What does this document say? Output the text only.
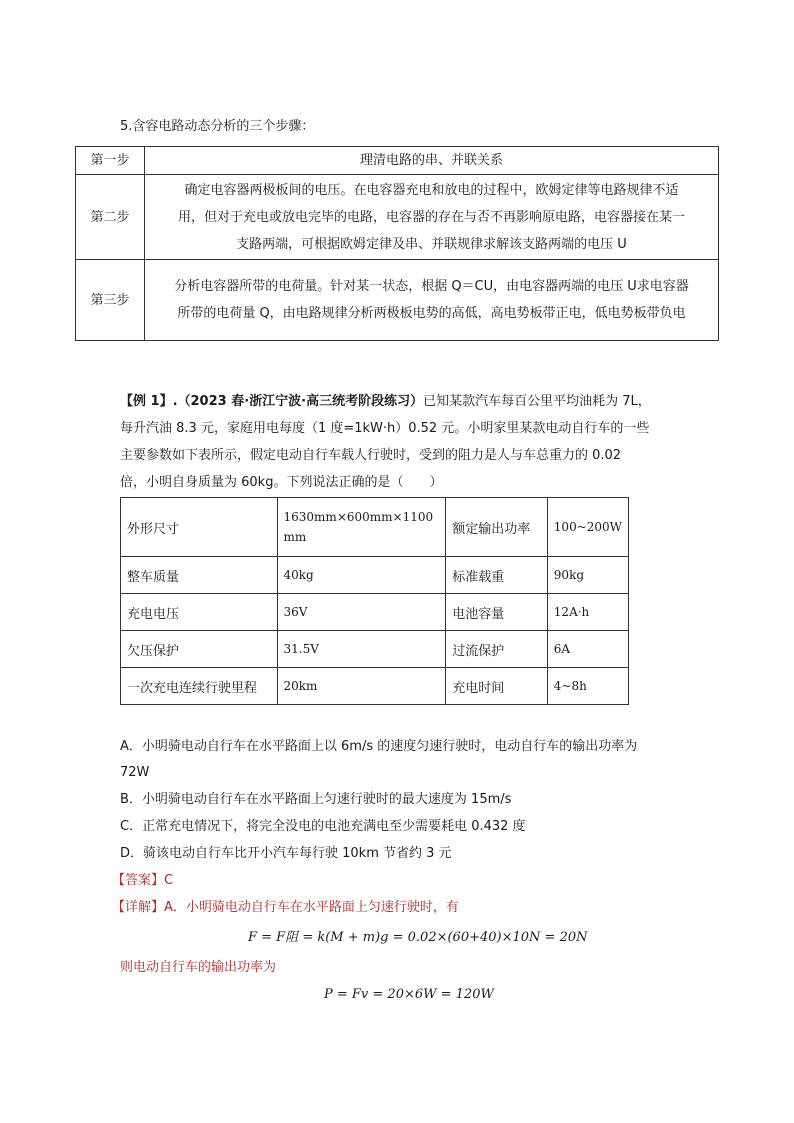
5.含容电路动态分析的三个步骤：
第一步	理清电路的串、并联关系

第二步	确定电容器两极板间的电压。在电容器充电和放电的过程中，欧姆定律等电路规律不适
用，但对于充电或放电完毕的电路，电容器的存在与否不再影响原电路，电容器接在某一
支路两端，可根据欧姆定律及串、并联规律求解该支路两端的电压 U

第三步	分析电容器所带的电荷量。针对某一状态，根据 Q＝CU，由电容器两端的电压 U求电容器
所带的电荷量 Q，由电路规律分析两极板电势的高低，高电势板带正电，低电势板带负电
【例 1】.（2023 春·浙江宁波·高三统考阶段练习）已知某款汽车每百公里平均油耗为 7L，
每升汽油 8.3 元，家庭用电每度（1 度=1kW·h）0.52 元。小明家里某款电动自行车的一些
主要参数如下表所示，假定电动自行车载人行驶时，受到的阻力是人与车总重力的 0.02
倍，小明自身质量为 60kg。下列说法正确的是（　　）
外形尺寸	1630mm×600mm×1100mm	额定输出功率	100~200W
整车质量	40kg	标准载重	90kg
充电电压	36V	电池容量	12A·h
欠压保护	31.5V	过流保护	6A
一次充电连续行驶里程	20km	充电时间	4~8h
A．小明骑电动自行车在水平路面上以 6m/s 的速度匀速行驶时，电动自行车的输出功率为
72W
B．小明骑电动自行车在水平路面上匀速行驶时的最大速度为 15m/s
C．正常充电情况下，将完全没电的电池充满电至少需要耗电 0.432 度
D．骑该电动自行车比开小汽车每行驶 10km 节省约 3 元
【答案】C
【详解】A．小明骑电动自行车在水平路面上匀速行驶时，有
F = F阻 = k(M + m)g = 0.02×(60+40)×10N = 20N
则电动自行车的输出功率为
P = Fv = 20×6W = 120W
